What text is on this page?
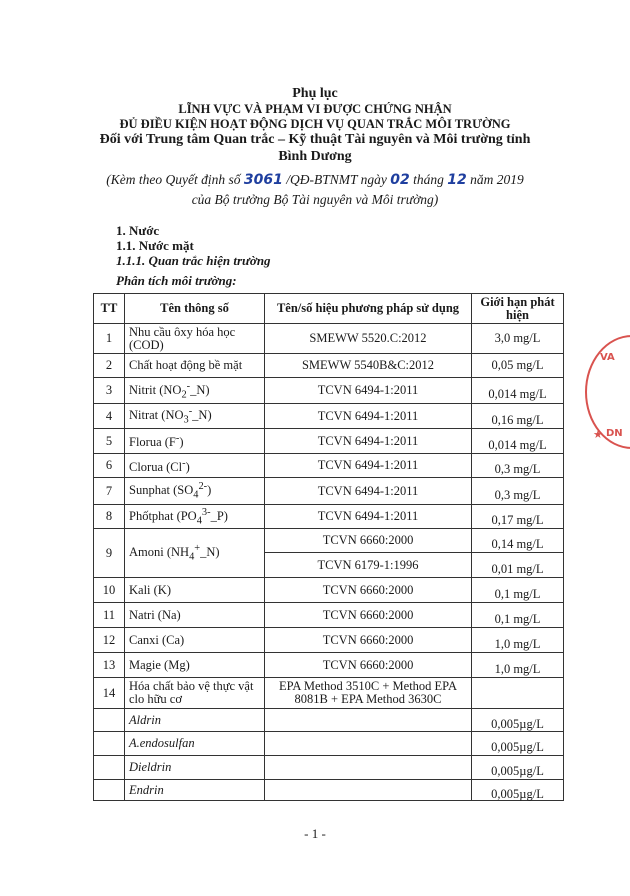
Phụ lục
LĨNH VỰC VÀ PHẠM VI ĐƯỢC CHỨNG NHẬN
ĐỦ ĐIỀU KIỆN HOẠT ĐỘNG DỊCH VỤ QUAN TRẮC MÔI TRƯỜNG
Đối với Trung tâm Quan trắc – Kỹ thuật Tài nguyên và Môi trường tỉnh
Bình Dương
(Kèm theo Quyết định số 3061 /QĐ-BTNMT ngày 02 tháng 12 năm 2019
của Bộ trưởng Bộ Tài nguyên và Môi trường)
1. Nước
1.1. Nước mặt
1.1.1. Quan trắc hiện trường
Phân tích môi trường:
TT	Tên thông số	Tên/số hiệu phương pháp sử dụng	Giới hạn phát hiện
1	Nhu cầu ôxy hóa học (COD)	SMEWW 5520.C:2012	3,0 mg/L
2	Chất hoạt động bề mặt	SMEWW 5540B&C:2012	0,05 mg/L
3	Nitrit $(NO_2^-\_N)$	TCVN 6494-1:2011	0,014 mg/L
4	Nitrat $(NO_3^-\_N)$	TCVN 6494-1:2011	0,16 mg/L
5	Florua (F-)	TCVN 6494-1:2011	0,014 mg/L
6	Clorua (Cl-)	TCVN 6494-1:2011	0,3 mg/L
7	Sunphat $(SO_4^{2-})$	TCVN 6494-1:2011	0,3 mg/L
8	Phốtphat $(PO_4^{3-}\_P)$	TCVN 6494-1:2011	0,17 mg/L
9	Amoni $(NH_4^+\_N)$	TCVN 6660:2000	0,14 mg/L
		TCVN 6179-1:1996	0,01 mg/L
10	Kali (K)	TCVN 6660:2000	0,1 mg/L
11	Natri (Na)	TCVN 6660:2000	0,1 mg/L
12	Canxi (Ca)	TCVN 6660:2000	1,0 mg/L
13	Magie (Mg)	TCVN 6660:2000	1,0 mg/L
14	Hóa chất bảo vệ thực vật clo hữu cơ	EPA Method 3510C + Method EPA 8081B + EPA Method 3630C	
	Aldrin		0,005µg/L
	A.endosulfan		0,005µg/L
	Dieldrin		0,005µg/L
	Endrin		0,005µg/L
VA
★ DN
- 1 -
